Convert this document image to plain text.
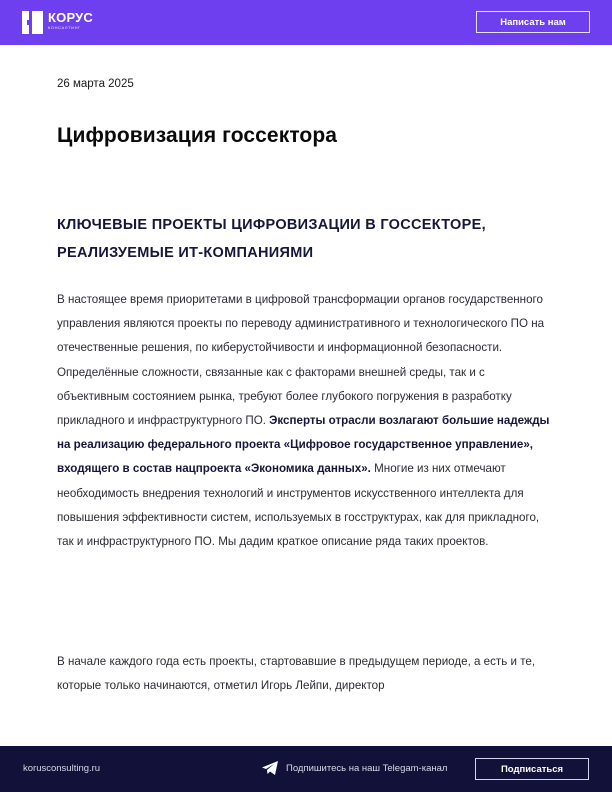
КОРУС
КОНСАЛТИНГ	Написать нам
26 марта 2025
Цифровизация госсектора
КЛЮЧЕВЫЕ ПРОЕКТЫ ЦИФРОВИЗАЦИИ В ГОССЕКТОРЕ, РЕАЛИЗУЕМЫЕ ИТ-КОМПАНИЯМИ

В настоящее время приоритетами в цифровой трансформации органов государственного управления являются проекты по переводу административного и технологического ПО на отечественные решения, по киберустойчивости и информационной безопасности. Определённые сложности, связанные как с факторами внешней среды, так и с объективным состоянием рынка, требуют более глубокого погружения в разработку прикладного и инфраструктурного ПО. Эксперты отрасли возлагают большие надежды на реализацию федерального проекта «Цифровое государственное управление», входящего в состав нацпроекта «Экономика данных». Многие из них отмечают необходимость внедрения технологий и инструментов искусственного интеллекта для повышения эффективности систем, используемых в госструктурах, как для прикладного, так и инфраструктурного ПО. Мы дадим краткое описание ряда таких проектов.

В начале каждого года есть проекты, стартовавшие в предыдущем периоде, а есть и те, которые только начинаются, отметил Игорь Лейпи, директор

korusconsulting.ru	Подпишитесь на наш Telegam-канал	Подписаться
